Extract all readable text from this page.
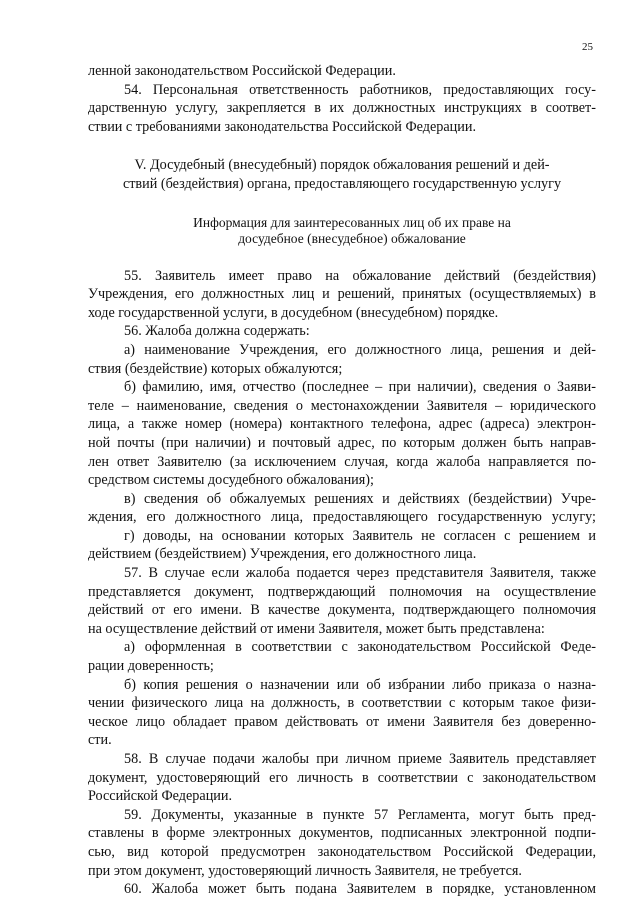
25
ленной законодательством Российской Федерации.
54. Персональная ответственность работников, предоставляющих госу-
дарственную услугу, закрепляется в их должностных инструкциях в соответ-
ствии с требованиями законодательства Российской Федерации.
V. Досудебный (внесудебный) порядок обжалования решений и дей-
ствий (бездействия) органа, предоставляющего государственную услугу
Информация для заинтересованных лиц об их праве на
досудебное (внесудебное) обжалование
55. Заявитель имеет право на обжалование действий (бездействия)
Учреждения, его должностных лиц и решений, принятых (осуществляемых) в
ходе государственной услуги, в досудебном (внесудебном) порядке.
56. Жалоба должна содержать:
а) наименование Учреждения, его должностного лица, решения и дей-
ствия (бездействие) которых обжалуются;
б) фамилию, имя, отчество (последнее – при наличии), сведения о Заяви-
теле – наименование, сведения о местонахождении Заявителя – юридического
лица, а также номер (номера) контактного телефона, адрес (адреса) электрон-
ной почты (при наличии) и почтовый адрес, по которым должен быть направ-
лен ответ Заявителю (за исключением случая, когда жалоба направляется по-
средством системы досудебного обжалования);
в) сведения об обжалуемых решениях и действиях (бездействии) Учре-
ждения, его должностного лица, предоставляющего государственную услугу;
г) доводы, на основании которых Заявитель не согласен с решением и
действием (бездействием) Учреждения, его должностного лица.
57. В случае если жалоба подается через представителя Заявителя, также
представляется документ, подтверждающий полномочия на осуществление
действий от его имени. В качестве документа, подтверждающего полномочия
на осуществление действий от имени Заявителя, может быть представлена:
а) оформленная в соответствии с законодательством Российской Феде-
рации доверенность;
б) копия решения о назначении или об избрании либо приказа о назна-
чении физического лица на должность, в соответствии с которым такое физи-
ческое лицо обладает правом действовать от имени Заявителя без доверенно-
сти.
58. В случае подачи жалобы при личном приеме Заявитель представляет
документ, удостоверяющий его личность в соответствии с законодательством
Российской Федерации.
59. Документы, указанные в пункте 57 Регламента, могут быть пред-
ставлены в форме электронных документов, подписанных электронной подпи-
сью, вид которой предусмотрен законодательством Российской Федерации,
при этом документ, удостоверяющий личность Заявителя, не требуется.
60. Жалоба может быть подана Заявителем в порядке, установленном
